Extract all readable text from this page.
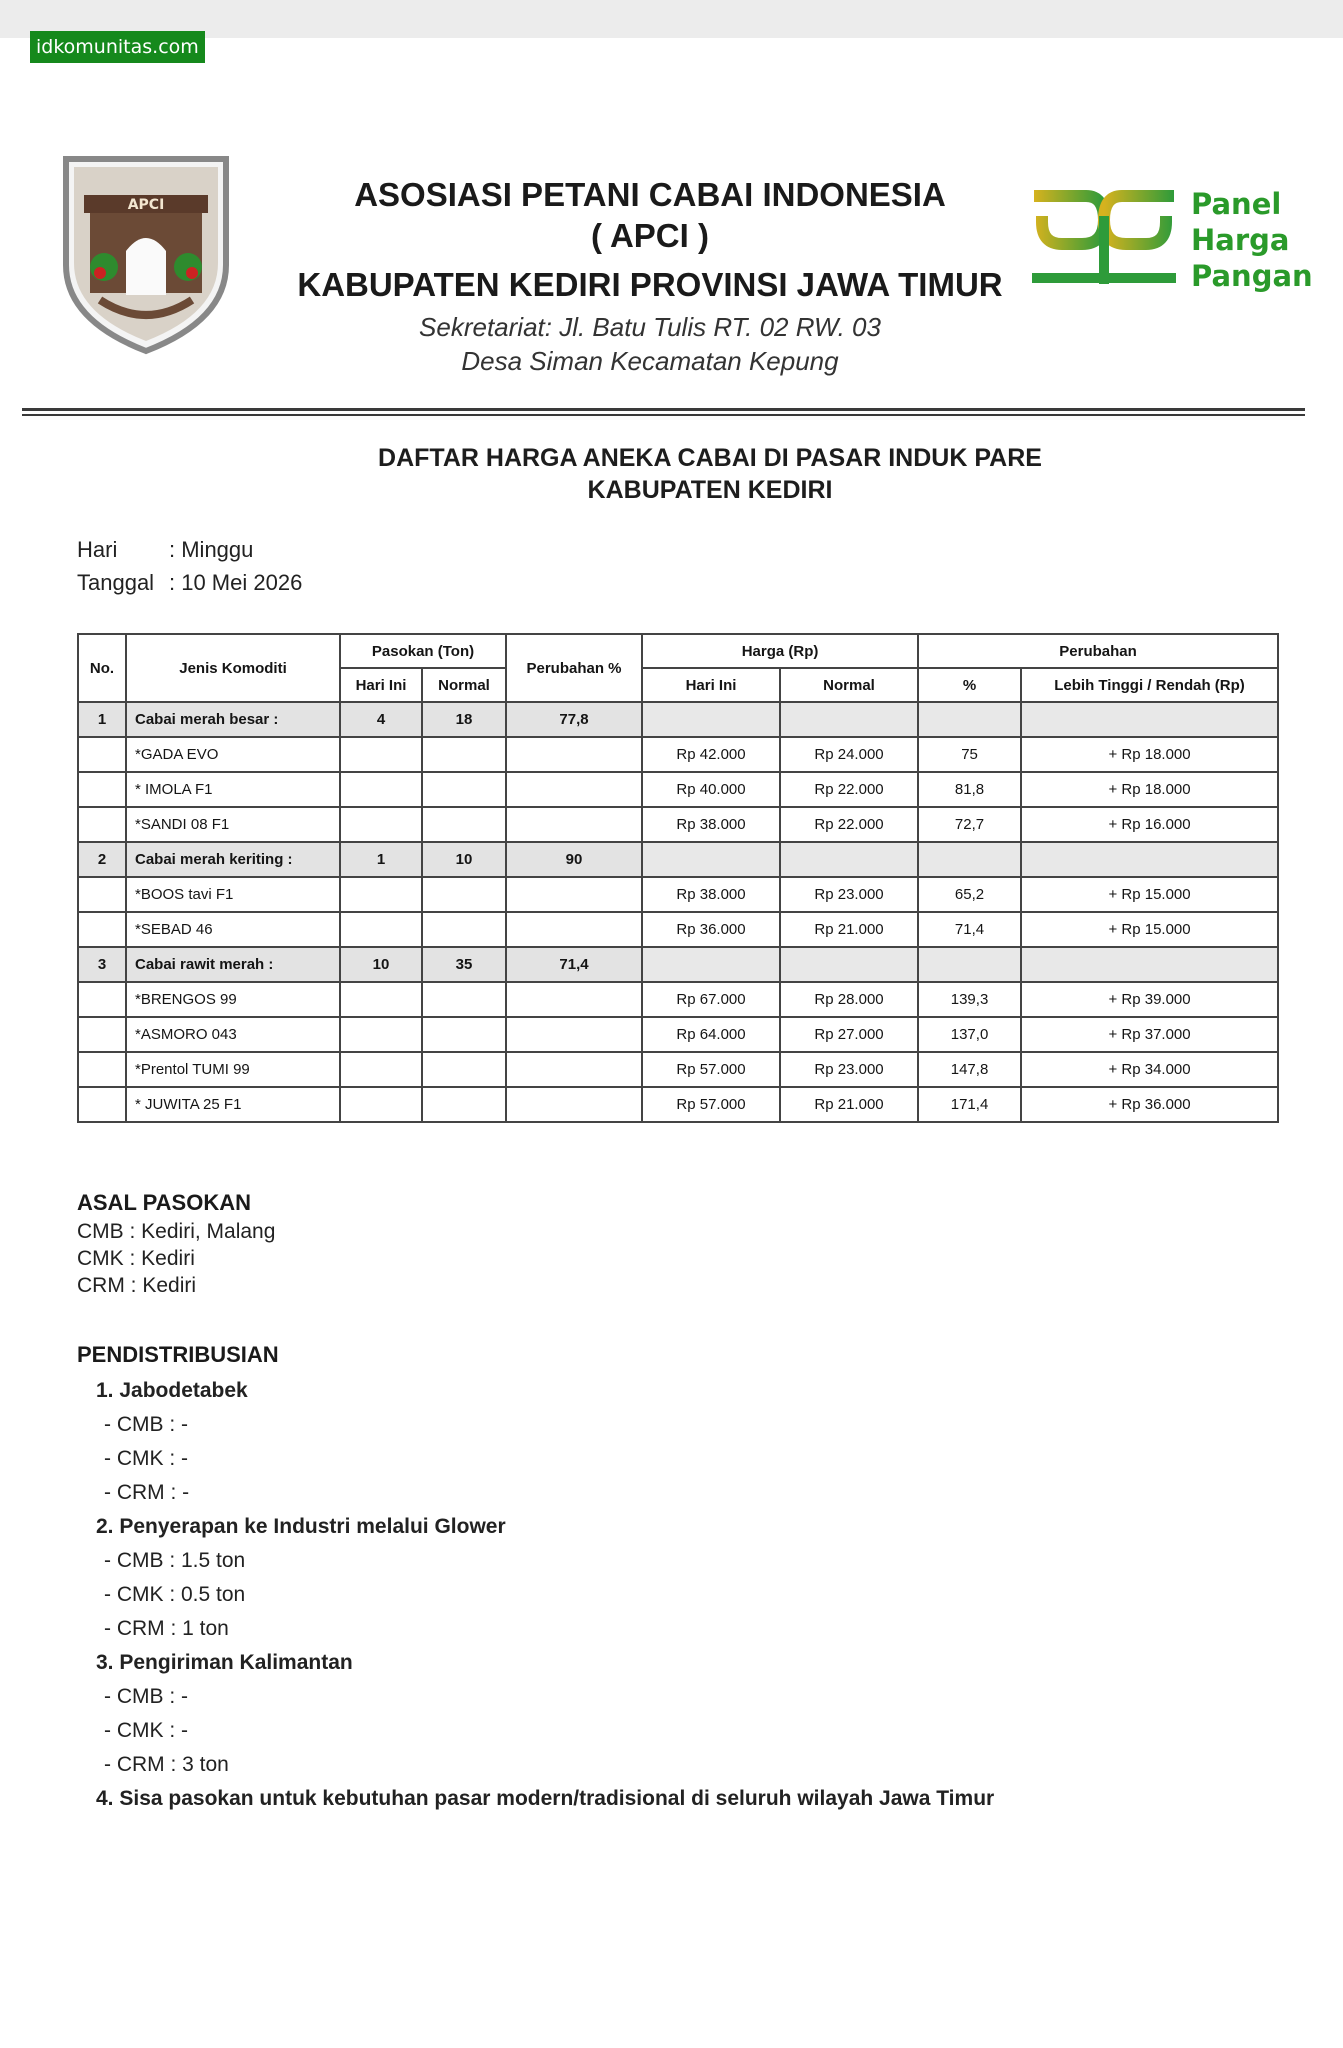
idkomunitas.com
APCI	ASOSIASI PETANI CABAI INDONESIA
( APCI )
KABUPATEN KEDIRI PROVINSI JAWA TIMUR
Sekretariat: Jl. Batu Tulis RT. 02 RW. 03
Desa Siman Kecamatan Kepung
Panel
Harga
Pangan
DAFTAR HARGA ANEKA CABAI DI PASAR INDUK PARE
KABUPATEN KEDIRI
Hari : Minggu
Tanggal : 10 Mei 2026
No.	Jenis Komoditi	Pasokan (Ton)		Perubahan %	Harga (Rp)		Perubahan	
		Hari Ini	Normal		Hari Ini	Normal	%	Lebih Tinggi / Rendah (Rp)
1	Cabai merah besar :	4	18	77,8				
	*GADA EVO				Rp 42.000	Rp 24.000	75	+ Rp 18.000
	* IMOLA F1				Rp 40.000	Rp 22.000	81,8	+ Rp 18.000
	*SANDI 08 F1				Rp 38.000	Rp 22.000	72,7	+ Rp 16.000
2	Cabai merah keriting :	1	10	90				
	*BOOS tavi F1				Rp 38.000	Rp 23.000	65,2	+ Rp 15.000
	*SEBAD 46				Rp 36.000	Rp 21.000	71,4	+ Rp 15.000
3	Cabai rawit merah :	10	35	71,4				
	*BRENGOS 99				Rp 67.000	Rp 28.000	139,3	+ Rp 39.000
	*ASMORO 043				Rp 64.000	Rp 27.000	137,0	+ Rp 37.000
	*Prentol TUMI 99				Rp 57.000	Rp 23.000	147,8	+ Rp 34.000
	* JUWITA 25 F1				Rp 57.000	Rp 21.000	171,4	+ Rp 36.000
ASAL PASOKAN
CMB : Kediri, Malang
CMK : Kediri
CRM : Kediri
PENDISTRIBUSIAN
1. Jabodetabek
- CMB : -
- CMK : -
- CRM : -
2. Penyerapan ke Industri melalui Glower
- CMB : 1.5 ton
- CMK : 0.5 ton
- CRM : 1 ton
3. Pengiriman Kalimantan
- CMB : -
- CMK : -
- CRM : 3 ton
4. Sisa pasokan untuk kebutuhan pasar modern/tradisional di seluruh wilayah Jawa Timur
